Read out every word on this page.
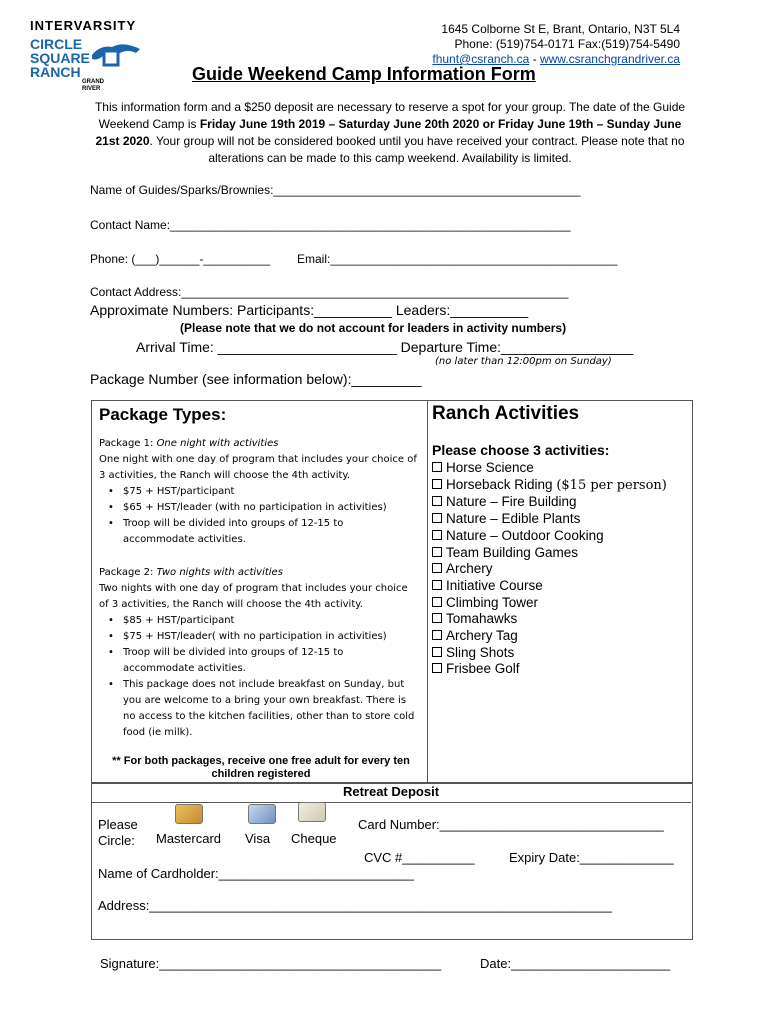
INTERVARSITY
CIRCLE
SQUARE
RANCH
GRAND
RIVER
1645 Colborne St E, Brant, Ontario, N3T 5L4
Phone: (519)754-0171 Fax:(519)754-5490
fhunt@csranch.ca - www.csranchgrandriver.ca
Guide Weekend Camp Information Form
This information form and a $250 deposit are necessary to reserve a spot for your group. The date of the Guide Weekend Camp is Friday June 19th 2019 – Saturday June 20th 2020 or Friday June 19th – Sunday June 21st 2020. Your group will not be considered booked until you have received your contract. Please note that no alterations can be made to this camp weekend. Availability is limited.
Name of Guides/Sparks/Brownies:______________________________________________
Contact Name:____________________________________________________________
Phone: (___)______-__________ Email:___________________________________________
Contact Address:__________________________________________________________
Approximate Numbers: Participants:__________ Leaders:__________
(Please note that we do not account for leaders in activity numbers)
Arrival Time: _______________________ Departure Time:_________________
(no later than 12:00pm on Sunday)
Package Number (see information below):_________
Package Types:
Package 1: One night with activities
One night with one day of program that includes your choice of 3 activities, the Ranch will choose the 4th activity.
• $75 + HST/participant
• $65 + HST/leader (with no participation in activities)
• Troop will be divided into groups of 12-15 to accommodate activities.
Package 2: Two nights with activities
Two nights with one day of program that includes your choice of 3 activities, the Ranch will choose the 4th activity.
• $85 + HST/participant
• $75 + HST/leader( with no participation in activities)
• Troop will be divided into groups of 12-15 to accommodate activities.
• This package does not include breakfast on Sunday, but you are welcome to a bring your own breakfast. There is no access to the kitchen facilities, other than to store cold food (ie milk).
** For both packages, receive one free adult for every ten children registered
Ranch Activities
Please choose 3 activities:
Horse Science
Horseback Riding ($15 per person)
Nature – Fire Building
Nature – Edible Plants
Nature – Outdoor Cooking
Team Building Games
Archery
Initiative Course
Climbing Tower
Tomahawks
Archery Tag
Sling Shots
Frisbee Golf
Retreat Deposit
Please
Circle: Mastercard Visa Cheque
Card Number:_______________________________
CVC #__________	Expiry Date:_____________
Name of Cardholder:___________________________
Address:________________________________________________________________
Signature:_______________________________________	Date:______________________
